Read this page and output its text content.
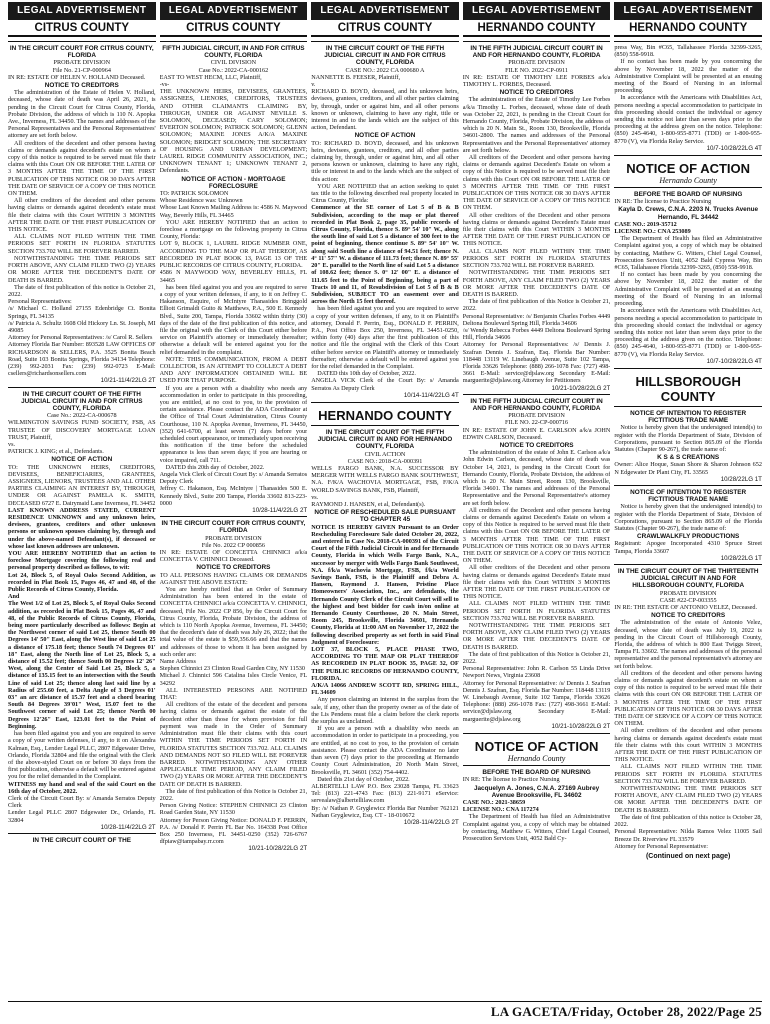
LEGAL ADVERTISEMENT
CITRUS COUNTY

IN THE CIRCUIT COURT FOR CITRUS COUNTY, FLORIDA

PROBATE DIVISION

File No. 21-CP-000964

IN RE: ESTATE OF HELEN V. HOLLAND Deceased.

NOTICE TO CREDITORS

The administration of the Estate of Helen V. Holland, deceased, whose date of death was April 26, 2021, is pending in the Circuit Court for Citrus County, Florida, Probate Division, the address of which is 110 N. Apopka Ave., Inverness, FL 34450. The names and addresses of the Personal Representatives and the Personal Representatives' attorney are set forth below.

All creditors of the decedent and other persons having claims or demands against decedent's estate on whom a copy of this notice is required to be served must file their claims with this Court ON OR BEFORE THE LATER OF 3 MONTHS AFTER THE TIME OF THE FIRST PUBLICATION OF THIS NOTICE OR 30 DAYS AFTER THE DATE OF SERVICE OF A COPY OF THIS NOTICE ON THEM.

All other creditors of the decedent and other persons having claims or demands against decedent's estate must file their claims with this Court WITHIN 3 MONTHS AFTER THE DATE OF THE FIRST PUBLICATION OF THIS NOTICE.

ALL CLAIMS NOT FILED WITHIN THE TIME PERIODS SET FORTH IN FLORIDA STATUTES SECTION 733.702 WILL BE FOREVER BARRED.

NOTWITHSTANDING THE TIME PERIODS SET FORTH ABOVE, ANY CLAIM FILED TWO (2) YEARS OR MORE AFTER THE DECEDENT'S DATE OF DEATH IS BARRED.

The date of first publication of this notice is October 21, 2022.

Personal Representatives:

/s/ Michael C. Holland 27155 Edenbridge Ct. Bonita Springs, FL 34135

/s/ Patricia A. Schultz 1608 Old Hickory Ln. St. Joseph, MI 49085

Attorney for Personal Representatives: /s/ Carol R. Sellers

Attorney Florida Bar Number: 893528 LAW OFFICES OF RICHARDSON & SELLERS, P.A. 3525 Bonita Beach Road, Suite 103 Bonita Springs, Florida 34134 Telephone: (239) 992-2031 Fax: (239) 992-0723 E-Mail: csellers@richardsonsellers.com

10/21-11/4/22LG 2T

IN THE CIRCUIT COURT OF THE FIFTH JUDICIAL CIRCUIT IN AND FOR CITRUS COUNTY, FLORIDA

Case No.: 2022-CA-000678

WILMINGTON SAVINGS FUND SOCIETY, FSB, AS TRUSTEE OF DISCOVERY MORTGAGE LOAN TRUST, Plaintiff,

vs.

PATRICK J. KING; et al., Defendants.

NOTICE OF ACTION

TO: THE UNKNOWN HEIRS, CREDITORS, DEVISEES, BENEFICIARIES, GRANTEES, ASSIGNEES, LIENORS, TRUSTEES AND ALL OTHER PARTIES CLAIMING AN INTEREST BY, THROUGH, UNDER OR AGAINST PAMELA K. SMITH, DECEASED 6727 E. Dairymaid Lane Inverness, FL 34452

LAST KNOWN ADDRESS STATED, CURRENT RESIDENCE UNKNOWN and any unknown heirs, devisees, grantees, creditors and other unknown persons or unknown spouses claiming by, through and under the above-named Defendant(s), if deceased or whose last known addresses are unknown.

YOU ARE HEREBY NOTIFIED that an action to foreclose Mortgage covering the following real and personal property described as follows, to wit:

Lot 24, Block 5, of Royal Oaks Second Addition, as recorded in Plat Book 15, Pages 46, 47 and 48, of the Public Records of Citrus County, Florida.

And

The West 1/2 of Lot 25, Block 5, of Royal Oaks Second addition, as recorded in Plat Book 15, Pages 46, 47 and 48, of the Public Records of Citrus County, Florida, being more particularly described as follows: Begin at the Northwest corner of said Lot 25, thence South 00 Degrees 14' 50" East, along the West line of said Lot 25 a distance of 175.18 feet; thence South 74 Degrees 01' 18" East, along the North line of Lot 25, Block 5, a distance of 15.52 feet; thence South 00 Degrees 12' 26" West, along the Center of Said Lot 25, Block 5, a distance of 135.15 feet to an intersection with the South Line of said Lot 25; thence along last said line by a Radius of 255.60 feet, a Delta Angle of 3 Degrees 01' 03" an arc distance of 15.37 feet and a chord bearing South 84 Degrees 39'01" West, 15.07 feet to the Southwest corner of said Lot 25; thence North 00 Degrees 12'26" East, 123.01 feet to the Point of Beginning.

has been filed against you and you are required to serve a copy of your written defenses, if any, to it on Alexandra Kalman, Esq., Lender Legal PLLC, 2807 Edgewater Drive, Orlando, Florida 32804 and file the original with the Clerk of the above-styled Court on or before 30 days from the first publication, otherwise a default will be entered against you for the relief demanded in the Complaint.

WITNESS my hand and seal of the said Court on the 16th day of October, 2022.

Clerk of the Circuit Court By: s/ Amanda Serratos Deputy Clerk

Lender Legal PLLC 2807 Edgewater Dr., Orlando, FL 32804

10/28-11/4/22LG 2T

IN THE CIRCUIT COURT OF THE

LEGAL ADVERTISEMENT
CITRUS COUNTY

FIFTH JUDICIAL CIRCUIT, IN AND FOR CITRUS COUNTY, FLORIDA

CIVIL DIVISION

Case No.: 2022-CA-000162

EAST TO WEST HECM, LLC, Plaintiff,

-vs-

THE UNKNOWN HEIRS, DEVISEES, GRANTEES, ASSIGNEES, LIENORS, CREDITORS, TRUSTEES AND OTHER CLAIMANTS CLAIMING BY, THROUGH, UNDER OR AGAINST NEVILLE S. SOLOMON, DECEASED; CARY SOLOMON; EVERTON SOLOMON; PATRICK SOLOMON; GLENN SOLOMON; MAXINE JONES A/K/A MAXINE SOLOMON; BRIDGET SOLOMON; THE SECRETARY OF HOUSING AND URBAN DEVELOPMENT; LAUREL RIDGE COMMUNITY ASSOCIATION, INC.; UNKNOWN TENANT 1; UNKNOWN TENANT 2, Defendants.

NOTICE OF ACTION - MORTGAGE FORECLOSURE

TO: PATRICK SOLOMON

Whose Residence was: Unknown

Whose Last Known Mailing Address is: 4586 N. Maywood Way, Beverly Hills, FL 34465

YOU ARE HEREBY NOTIFIED that an action to foreclose a mortgage on the following property in Citrus County, Florida:

LOT 9, BLOCK 1, LAUREL RIDGE NUMBER ONE, ACCORDING TO THE MAP OR PLAT THEREOF, AS RECORDED IN PLAT BOOK 13, PAGE 13 OF THE PUBLIC RECORDS OF CITRUS COUNTY, FLORIDA.

4586 N MAYWOOD WAY, BEVERLEY HILLS, FL 34465

has been filed against you and you are required to serve a copy of your written defenses, if any, to it on Jeffrey C. Hakanson, Esquire, of McIntyre Thanasides Bringgold Elliott Grimaldi Guito & Matthews, P.A., 500 E. Kennedy Blvd., Suite 200, Tampa, Florida 33602 within thirty (30) days of the date of the first publication of this notice, and file the original with the Clerk of this Court either before service on Plaintiff's attorney or immediately thereafter; otherwise a default will be entered against you for the relief demanded in the complaint.

NOTE: THIS COMMUNICATION, FROM A DEBT COLLECTOR, IS AN ATTEMPT TO COLLECT A DEBT AND ANY INFORMATION OBTAINED WILL BE USED FOR THAT PURPOSE.

If you are a person with a disability who needs any accommodation in order to participate in this proceeding, you are entitled, at no cost to you, to the provision of certain assistance. Please contact the ADA Coordinator at the Office of Trial Court Administration, Citrus County Courthouse, 110 N. Apopka Avenue, Inverness, FL 34450, (352) 641-6700, at least seven (7) days before your scheduled court appearance, or immediately upon receiving this notification if the time before the scheduled appearance is less than seven days; if you are hearing or voice impaired, call 711.

DATED this 20th day of October, 2022.

Angela Vick Clerk of Circuit Court By: s/ Amanda Serratos Deputy Clerk

Jeffrey C. Hakanson, Esq. McIntyre | Thanasides 500 E. Kennedy Blvd., Suite 200 Tampa, Florida 33602 813-223-0000

10/28-11/4/22LG 2T

IN THE CIRCUIT COURT FOR CITRUS COUNTY, FLORIDA

PROBATE DIVISION

File No. 2022 CP 000856

IN RE: ESTATE OF CONCETTA CHINNICI a/k/a CONCETTA V. CHINNICI Deceased.

NOTICE TO CREDITORS

TO ALL PERSONS HAVING CLAIMS OR DEMANDS AGAINST THE ABOVE ESTATE:

You are hereby notified that an Order of Summary Administration has been entered in the estate of CONCETTA CHINNICI a/k/a CONCETTA V. CHINNICI, deceased, File No. 2022 CP 856, by the Circuit Court for Citrus County, Florida, Probate Division, the address of which is 110 North Apopka Avenue, Inverness, FL 34450; that the decedent's date of death was July 26, 2022; that the total value of the estate is $59,356.66 and that the names and addresses of those to whom it has been assigned by such order are:

Name Address

Stephen Chinnici 23 Clinton Road Garden City, NY 11530

Michael J. Chinnici 596 Catalina Isles Circle Venice, FL 34292

ALL INTERESTED PERSONS ARE NOTIFIED THAT:

All creditors of the estate of the decedent and persons having claims or demands against the estate of the decedent other than those for whom provision for full payment was made in the Order of Summary Administration must file their claims with this court WITHIN THE TIME PERIODS SET FORTH IN FLORIDA STATUTES SECTION 733.702. ALL CLAIMS AND DEMANDS NOT SO FILED WILL BE FOREVER BARRED. NOTWITHSTANDING ANY OTHER APPLICABLE TIME PERIOD, ANY CLAIM FILED TWO (2) YEARS OR MORE AFTER THE DECEDENT'S DATE OF DEATH IS BARRED.

The date of first publication of this Notice is October 21, 2022.

Person Giving Notice: STEPHEN CHINNICI 23 Clinton Road Garden State, NY 11530

Attorney for Person Giving Notice: DONALD F. PERRIN, P.A. /s/ Donald F. Perrin FL Bar No. 164338 Post Office Box 250 Inverness, FL 34451-0250 (352) 726-6767 dfpiaw@tampabay.rr.com

10/21-10/28/22LG 2T

LEGAL ADVERTISEMENT
CITRUS COUNTY

IN THE CIRCUIT COURT OF THE FIFTH JUDICIAL CIRCUIT IN AND FOR CITRUS COUNTY, FLORIDA

CASE NO.: 2022 CA 000680 A

NANNETTE B. FEESER, Plaintiff,

v.

RICHARD D. BOYD, deceased, and his unknown heirs, devisees, grantees, creditors, and all other parties claiming by, through, under or against him, and all other persons known or unknown, claiming to have any right, title or interest in and to the lands which are the subject of this action, Defendant.

NOTICE OF ACTION

TO: RICHARD D. BOYD, deceased, and his unknown heirs, devisees, grantees, creditors, and all other parties claiming by, through, under or against him, and all other persons known or unknown, claiming to have any right, title or interest in and to the lands which are the subject of this action:

YOU ARE NOTIFIED that an action seeking to quiet tax title to the following described real property located in Citrus County, Florida:

Commence at the SE corner of Lot 5 of B & B Subdivision, according to the map or plat thereof recorded in Plat Book 2, page 35, public records of Citrus County, Florida, thence S. 89° 54' 10" W., along the south line of said Lot 5 a distance of 300 feet to the point of beginning, thence continue S. 89° 54' 10" W. along said South line a distance of 94.51 feet; thence N. 4° 11' 57" W. a distance of 111.73 feet; thence N. 89° 55' 20" E. parallel to the North line of said Lot 5 a distance of 108.62 feet; thence S. 0° 12' 00" E. a distance of 111.65 feet to the Point of Beginning, being a part of Tracts 10 and 11, of Resubdivision of Lot 5 of B & B Subdivision, SUBJECT TO an easement over and across the North 15 feet thereof.

has been filed against you and you are required to serve a copy of your written defenses, if any, to it on Plaintiff's attorney, Donald F. Perrin, Esq., DONALD F. PERRIN, P.A., Post Office Box 250, Inverness, FL 34451-0250, within forty (40) days after the first publication of this notice and file the original with the Clerk of this Court either before service on Plaintiff's attorney or immediately thereafter; otherwise a default will be entered against you for the relief demanded in the Complaint.

DATED this 10th day of October, 2022.

ANGELA VICK Clerk of the Court By: s/ Amanda Serratos As Deputy Clerk

10/14-11/4/22LG 4T

HERNANDO COUNTY

IN THE CIRCUIT COURT OF THE FIFTH JUDICIAL CIRCUIT IN AND FOR HERNANDO COUNTY, FLORIDA

CIVIL ACTION

CASE NO.: 2018-CA-000391

WELLS FARGO BANK, N.A. SUCCESSOR BY MERGER WITH WELLS FARGO BANK SOUTHWEST, N.A. F/K/A WACHOVIA MORTGAGE, FSB, F/K/A WORLD SAVINGS BANK, FSB, Plaintiff,

vs.

RAYMOND J. HANSEN, et al, Defendant(s).

NOTICE OF RESCHEDULED SALE PURSUANT TO CHAPTER 45

NOTICE IS HEREBY GIVEN Pursuant to an Order Rescheduling Foreclosure Sale dated October 20, 2022, and entered in Case No. 2018-CA-000391 of the Circuit Court of the Fifth Judicial Circuit in and for Hernando County, Florida in which Wells Fargo Bank, N.A., successor by merger with Wells Fargo Bank Southwest, N.A. f/k/a Wachovia Mortgage, FSB, f/k/a World Savings Bank, FSB, is the Plaintiff and Debra A. Hansen, Raymond J. Hansen, Pristine Place Homeowners' Association, Inc., are defendants, the Hernando County Clerk of the Circuit Court will sell to the highest and best bidder for cash in/on online at Hernando County Courthouse, 20 N. Main Street, Room 245, Brooksville, Florida 34601, Hernando County, Florida at 11:00 AM on November 17, 2022 the following described property as set forth in said Final Judgment of Foreclosure:

LOT 37, BLOCK 5, PLACE PHASE TWO, ACCORDING TO THE MAP OR PLAT THEREOF AS RECORDED IN PLAT BOOK 35, PAGE 32, OF THE PUBLIC RECORDS OF HERNANDO COUNTY, FLORIDA.

A/K/A 14066 ANDREW SCOTT RD, SPRING HILL, FL 34609

Any person claiming an interest in the surplus from the sale, if any, other than the property owner as of the date of the Lis Pendens must file a claim before the clerk reports the surplus as unclaimed.

If you are a person with a disability who needs an accommodation in order to participate in a proceeding, you are entitled, at no cost to you, to the provision of certain assistance. Please contact the ADA Coordinator no later than seven (7) days prior to the proceeding at Hernando County Court Administration, 20 North Main Street, Brooksville, FL 34601 (352) 754-4402.

Dated this 21st day of October, 2022.

ALBERTELLI LAW P.O. Box 23028 Tampa, FL 33623 Tel: (813) 221-4743 Fax: (813) 221-9171 eService: servealaw@albertellilaw.com

By: /s/ Nathan P. Gryglewicz Florida Bar Number 762121 Nathan Gryglewicz, Esq. CT - 18-010672

10/28-11/4/22LG 2T

LEGAL ADVERTISEMENT
HERNANDO COUNTY

IN THE FIFTH JUDICIAL CIRCUIT COURT IN AND FOR HERNANDO COUNTY, FLORIDA

PROBATE DIVISION

FILE NO. 2022-CP-0911

IN RE: ESTATE OF TIMOTHY LEE FORBES a/k/a TIMOTHY L. FORBES, Deceased.

NOTICE TO CREDITORS

The administration of the Estate of Timothy Lee Forbes a/k/a Timothy L. Forbes, deceased, whose date of death was October 22, 2021, is pending in the Circuit Court for Hernando County, Florida, Probate Division, the address of which is 20 N. Main St., Room 130, Brooksville, Florida 34601-2800. The names and addresses of the Personal Representatives and the Personal Representatives' attorney are set forth below.

All creditors of the Decedent and other persons having claims or demands against Decedent's Estate on whom a copy of this Notice is required to be served must file their claims with this Court ON OR BEFORE THE LATER OF 3 MONTHS AFTER THE TIME OF THE FIRST PUBLICATION OF THIS NOTICE OR 30 DAYS AFTER THE DATE OF SERVICE OF A COPY OF THIS NOTICE ON THEM.

All other creditors of the Decedent and other persons having claims or demands against Decedent's Estate must file their claims with this Court WITHIN 3 MONTHS AFTER THE DATE OF THE FIRST PUBLICATION OF THIS NOTICE.

ALL CLAIMS NOT FILED WITHIN THE TIME PERIODS SET FORTH IN FLORIDA STATUTES SECTION 733.702 WILL BE FOREVER BARRED.

NOTWITHSTANDING THE TIME PERIODS SET FORTH ABOVE, ANY CLAIM FILED TWO (2) YEARS OR MORE AFTER THE DECEDENT'S DATE OF DEATH IS BARRED.

The date of first publication of this Notice is October 21, 2022.

Personal Representative: /s/ Benjamin Charles Forbes 4449 Deltona Boulevard Spring Hill, Florida 34606

/s/ Wendy Rebecca Forbes 4449 Deltona Boulevard Spring Hill, Florida 34606

Attorney for Personal Representatives: /s/ Dennis J. Szafran Dennis J. Szafran, Esq. Florida Bar Number: 118448 13119 W. Linebaugh Avenue, Suite 102 Tampa, Florida 33626 Telephone: (888) 266-1078 Fax: (727) 498-3661 E-Mail: service@djslaw.org Secondary E-Mail: marguerite@djslaw.org Attorney for Petitioners

10/21-10/28/22LG 2T

IN THE FIFTH JUDICIAL CIRCUIT COURT IN AND FOR HERNANDO COUNTY, FLORIDA

PROBATE DIVISION

FILE NO. 22-CP-000716

IN RE: ESTATE OF JOHN E. CARLSON a/k/a JOHN EDWIN CARLSON, Deceased.

NOTICE TO CREDITORS

The administration of the estate of John E. Carlson a/k/a John Edwin Carlson, deceased, whose date of death was October 14, 2021, is pending in the Circuit Court for Hernando County, Florida, Probate Division, the address of which is 20 N. Main Street, Room 130, Brooksville, Florida 34601. The names and addresses of the Personal Representative and the Personal Representative's attorney are set forth below.

All creditors of the Decedent and other persons having claims or demands against Decedent's Estate on whom a copy of this Notice is required to be served must file their claims with this Court ON OR BEFORE THE LATER OF 3 MONTHS AFTER THE TIME OF THE FIRST PUBLICATION OF THIS NOTICE OR 30 DAYS AFTER THE DATE OF SERVICE OF A COPY OF THIS NOTICE ON THEM.

All other creditors of the Decedent and other persons having claims or demands against Decedent's Estate must file their claims with this Court WITHIN 3 MONTHS AFTER THE DATE OF THE FIRST PUBLICATION OF THIS NOTICE.

ALL CLAIMS NOT FILED WITHIN THE TIME PERIODS SET FORTH IN FLORIDA STATUTES SECTION 733.702 WILL BE FOREVER BARRED.

NOTWITHSTANDING THE TIME PERIODS SET FORTH ABOVE, ANY CLAIM FILED TWO (2) YEARS OR MORE AFTER THE DECEDENT'S DATE OF DEATH IS BARRED.

The date of first publication of this Notice is October 21, 2022.

Personal Representative: John R. Carlson 55 Linda Drive Newport News, Virginia 23608

Attorney for Personal Representative: /s/ Dennis J. Szafran Dennis J. Szafran, Esq. Florida Bar Number: 118448 13119 W. Linebaugh Avenue, Suite 102 Tampa, Florida 33626 Telephone: (888) 266-1078 Fax: (727) 498-3661 E-Mail: service@djslaw.org Secondary E-Mail: marguerite@djslaw.org

10/21-10/28/22LG 2T

NOTICE OF ACTION
Hernando County

BEFORE THE BOARD OF NURSING

IN RE: The license to Practice Nursing

Jacquelyn A. Jones, C.N.A. 27169 Aubrey Avenue Brooksville, FL 34602

CASE NO.: 2021-38659

LICENSE NO.: CNA 117274

The Department of Health has filed an Administrative Complaint against you, a copy of which may be obtained by contacting, Matthew G. Witters, Chief Legal Counsel, Prosecution Services Unit, 4052 Bald Cy-

LEGAL ADVERTISEMENT
HERNANDO COUNTY

press Way, Bin #C65, Tallahassee Florida 32399-3265, (850) 558-9918.

If no contact has been made by you concerning the above by November 18, 2022 the matter of the Administrative Complaint will be presented at an ensuing meeting of the Board of Nursing in an informal proceeding.

In accordance with the Americans with Disabilities Act, persons needing a special accommodation to participate in this proceeding should contact the individual or agency sending this notice not later than seven days prior to the proceeding at the address given on the notice. Telephone: (850) 245-4640, 1-800-955-8771 (TDD) or 1-800-955-8770 (V), via Florida Relay Service.

10/7-10/28/22LG 4T

NOTICE OF ACTION
Hernando County

BEFORE THE BOARD OF NURSING

IN RE: The license to Practice Nursing

Kayla D. Crews, C.N.A. 2203 N. Trucks Avenue Hernando, FL 34442

CASE NO.: 2019-35712

LICENSE NO.: CNA 253089

The Department of Health has filed an Administrative Complaint against you, a copy of which may be obtained by contacting, Matthew G. Witters, Chief Legal Counsel, Prosecution Services Unit, 4052 Bald Cypress Way, Bin #C65, Tallahassee Florida 32399-3265, (850) 558-9918.

If no contact has been made by you concerning the above by November 18, 2022 the matter of the Administrative Complaint will be presented at an ensuing meeting of the Board of Nursing in an informal proceeding.

In accordance with the Americans with Disabilities Act, persons needing a special accommodation to participate in this proceeding should contact the individual or agency sending this notice not later than seven days prior to the proceeding at the address given on the notice. Telephone: (850) 245-4640, 1-800-955-8771 (TDD) or 1-800-955-8770 (V), via Florida Relay Service.

10/7-10/28/22LG 4T

HILLSBOROUGH COUNTY

NOTICE OF INTENTION TO REGISTER FICTITIOUS TRADE NAME

Notice is hereby given that the undersigned intend(s) to register with the Florida Department of State, Division of Corporations, pursuant to Section 865.09 of the Florida Statutes (Chapter 90-267), the trade name of:

K S & S CREATIONS

Owner: Alice Hoque, Susan Shore & Sharon Johnson 652 N Edgewater Dr Plant City, FL 33565

10/28/22LG 1T

NOTICE OF INTENTION TO REGISTER FICTITIOUS TRADE NAME

Notice is hereby given that the undersigned intend(s) to register with the Florida Department of State, Division of Corporations, pursuant to Section 865.09 of the Florida Statutes (Chapter 90-267), the trade name of:

CRAWLWALKFLY PRODUCTIONS

Registrant: Apogee Incorporated 4310 Spruce Street Tampa, Florida 33607

10/28/22LG 1T

IN THE CIRCUIT COURT OF THE THIRTEENTH JUDICIAL CIRCUIT IN AND FOR HILLSBOROUGH COUNTY, FLORIDA

PROBATE DIVISION

CASE #22-CP-003355

IN RE: THE ESTATE OF ANTONIO VELEZ, Deceased.

NOTICE TO CREDITORS

The administration of the estate of Antonio Velez, deceased, whose date of death was July 19, 2022 is pending in the Circuit Court of Hillsborough County, Florida, the address of which is 800 East Twiggs Street, Tampa FL 33602. The names and addresses of the personal representative and the personal representative's attorney are set forth below.

All creditors of the decedent and other persons having claims or demands against decedent's estate on whom a copy of this notice is required to be served must file their claims with this court ON OR BEFORE THE LATER OF 3 MONTHS AFTER THE TIME OF THE FIRST PUBLICATION OF THIS NOTICE OR 30 DAYS AFTER THE DATE OF SERVICE OF A COPY OF THIS NOTICE ON THEM.

All other creditors of the decedent and other persons having claims or demands against decedent's estate must file their claims with this court WITHIN 3 MONTHS AFTER THE DATE OF THE FIRST PUBLICATION OF THIS NOTICE.

ALL CLAIMS NOT FILED WITHIN THE TIME PERIODS SET FORTH IN FLORIDA STATUTES SECTION 733.702 WILL BE FOREVER BARRED.

NOTWITHSTANDING THE TIME PERIODS SET FORTH ABOVE, ANY CLAIM FILED TWO (2) YEARS OR MORE AFTER THE DECEDENT'S DATE OF DEATH IS BARRED.

The date of first publication of this notice is October 28, 2022.

Personal Representative: Nilda Ramos Velez 11005 Sail Breeze Dr. Riverview FL 33579

Attorney for Personal Representative:

(Continued on next page)
LA GACETA/Friday, October 28, 2022/Page 25
